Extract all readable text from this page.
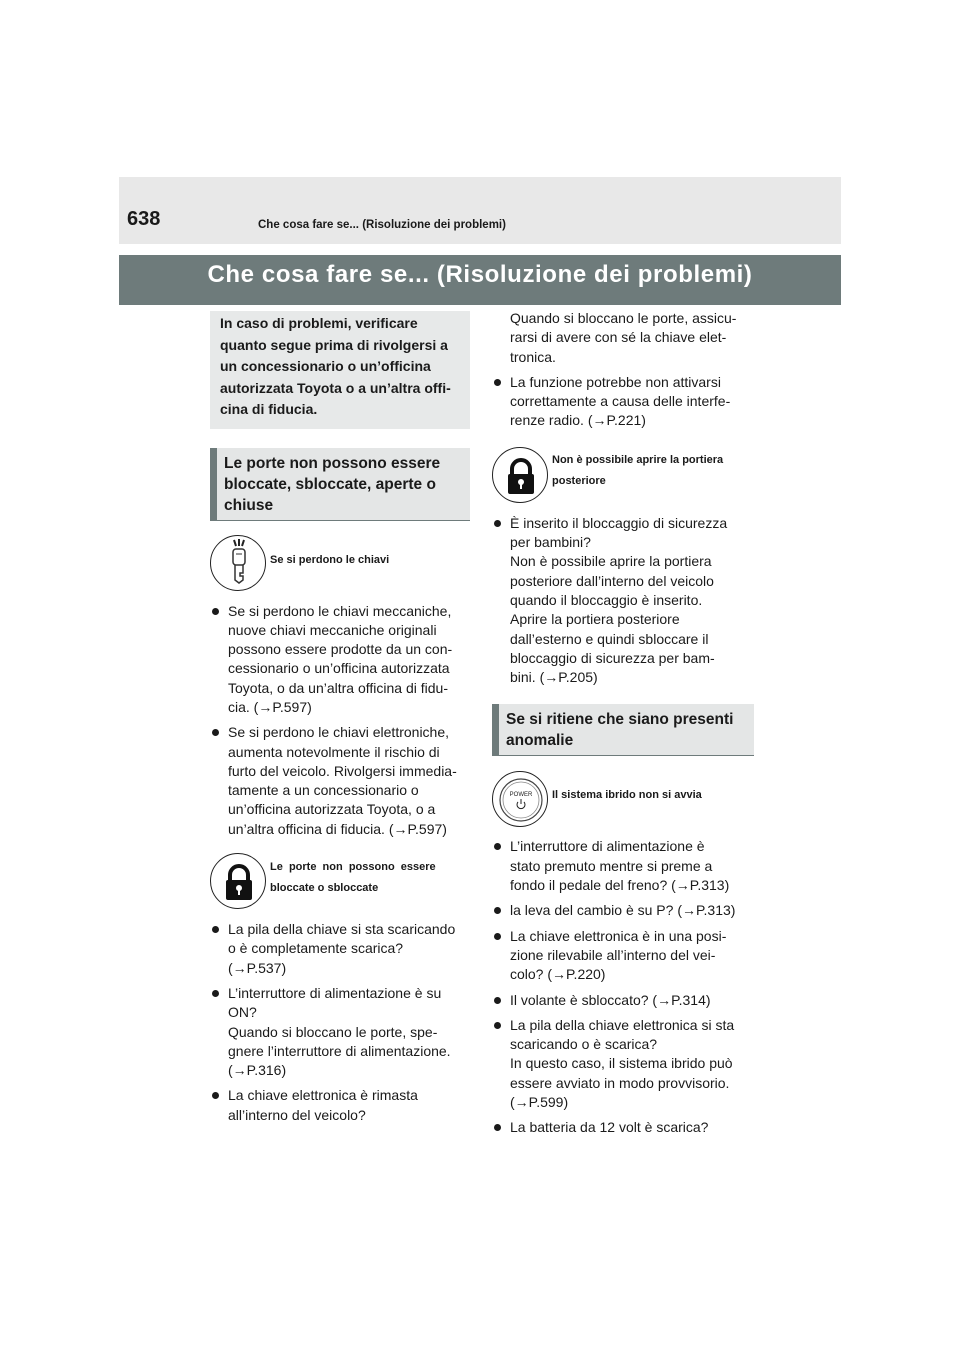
638	Che cosa fare se... (Risoluzione dei problemi)
Che cosa fare se... (Risoluzione dei problemi)
In caso di problemi, verificare
quanto segue prima di rivolgersi a
un concessionario o un’officina
autorizzata Toyota o a un’altra offi-
cina di fiducia.
Le porte non possono essere
bloccate, sbloccate, aperte o
chiuse
Se si perdono le chiavi
Se si perdono le chiavi meccaniche,
nuove chiavi meccaniche originali
possono essere prodotte da un con-
cessionario o un’officina autorizzata
Toyota, o da un’altra officina di fidu-
cia. (→P.597)
Se si perdono le chiavi elettroniche,
aumenta notevolmente il rischio di
furto del veicolo. Rivolgersi immedia-
tamente a un concessionario o
un’officina autorizzata Toyota, o a
un’altra officina di fiducia. (→P.597)
Le  porte  non  possono  essere
bloccate o sbloccate
La pila della chiave si sta scaricando
o è completamente scarica?
(→P.537)
L’interruttore di alimentazione è su
ON?
Quando si bloccano le porte, spe-
gnere l’interruttore di alimentazione.
(→P.316)
La chiave elettronica è rimasta
all’interno del veicolo?
Quando si bloccano le porte, assicu-
rarsi di avere con sé la chiave elet-
tronica.
La funzione potrebbe non attivarsi
correttamente a causa delle interfe-
renze radio. (→P.221)
Non è possibile aprire la portiera
posteriore
È inserito il bloccaggio di sicurezza
per bambini?
Non è possibile aprire la portiera
posteriore dall’interno del veicolo
quando il bloccaggio è inserito.
Aprire la portiera posteriore
dall’esterno e quindi sbloccare il
bloccaggio di sicurezza per bam-
bini. (→P.205)
Se si ritiene che siano presenti
anomalie
POWER Il sistema ibrido non si avvia
L’interruttore di alimentazione è
stato premuto mentre si preme a
fondo il pedale del freno? (→P.313)
la leva del cambio è su P? (→P.313)
La chiave elettronica è in una posi-
zione rilevabile all’interno del vei-
colo? (→P.220)
Il volante è sbloccato? (→P.314)
La pila della chiave elettronica si sta
scaricando o è scarica?
In questo caso, il sistema ibrido può
essere avviato in modo provvisorio.
(→P.599)
La batteria da 12 volt è scarica?
